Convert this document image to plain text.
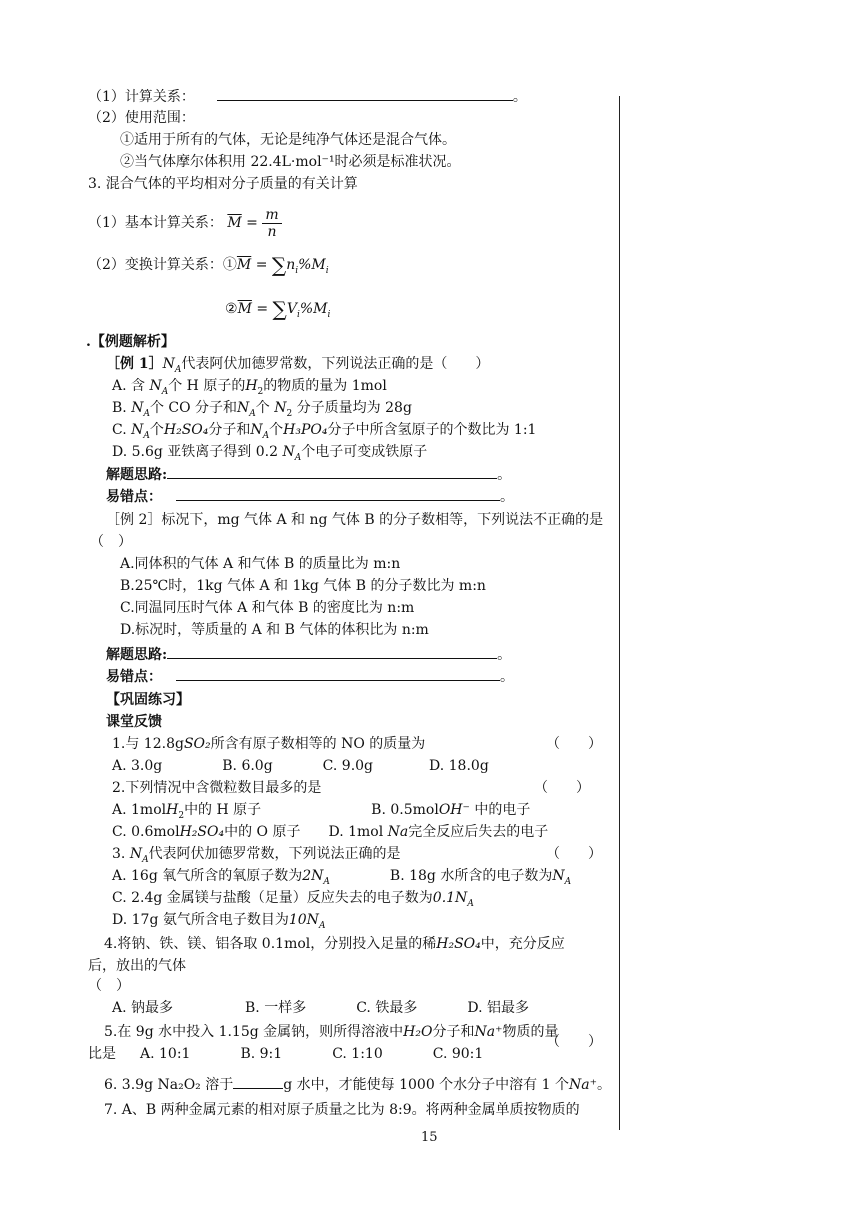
（1）计算关系：	。
（2）使用范围：
①适用于所有的气体，无论是纯净气体还是混合气体。
②当气体摩尔体积用 22.4L·mol⁻¹时必须是标准状况。
3. 混合气体的平均相对分子质量的有关计算
（1）基本计算关系： $\overline{M} = \frac{m}{n}$
（2）变换计算关系：$①\overline{M} = \sum n_i\%M_i$
$②\overline{M} = \sum V_i\%M_i$
.【例题解析】
［例 $1]N_A$代表阿伏加德罗常数，下列说法正确的是（　　）
A. 含 $N_A$个 H 原子的$H_2$的物质的量为 1mol
B. $N_A$个 CO 分子和$N_A$个 $N_2$ 分子质量均为 28g
C. $N_A$个H₂SO₄分子和$N_A$个H₃PO₄分子中所含氢原子的个数比为 1:1
D. 5.6g 亚铁离子得到 0.2 $N_A$个电子可变成铁原子
解题思路:	。
易错点：	。
［例 2］标况下，mg 气体 A 和 ng 气体 B 的分子数相等，下列说法不正确的是
（　）
A.同体积的气体 A 和气体 B 的质量比为 m:n
B.25℃时，1kg 气体 A 和 1kg 气体 B 的分子数比为 m:n
C.同温同压时气体 A 和气体 B 的密度比为 n:m
D.标况时，等质量的 A 和 B 气体的体积比为 n:m
解题思路:	。
易错点：	。
【巩固练习】
课堂反馈
1.与 12.8gSO₂所含有原子数相等的 NO 的质量为	（　　）
A. 3.0g	B. 6.0g	C. 9.0g	D. 18.0g
2.下列情况中含微粒数目最多的是	（　　）
A. 1molH$_2$中的 H 原子	B. 0.5molOH⁻ 中的电子
C. 0.6molH₂SO₄中的 O 原子 D. 1mol Na完全反应后失去的电子
3. $N_A$代表阿伏加德罗常数，下列说法正确的是	（　　）
A. 16g 氧气所含的氧原子数为$2N_A$	B. 18g 水所含的电子数为$N_A$
C. 2.4g 金属镁与盐酸（足量）反应失去的电子数为$0.1N_A$
D. 17g 氨气所含电子数目为$10N_A$
4.将钠、铁、镁、铝各取 0.1mol，分别投入足量的稀H₂SO₄中，充分反应
后，放出的气体
（　）
A. 钠最多	B. 一样多	C. 铁最多	D. 铝最多
5.在 9g 水中投入 1.15g 金属钠，则所得溶液中H₂O分子和Na⁺物质的量
比是 A. 10:1	B. 9:1	C. 1:10	C. 90:1
（　　）
6. 3.9g Na₂O₂ 溶于	g 水中，才能使每 1000 个水分子中溶有 1 个Na⁺。
7. A、B 两种金属元素的相对原子质量之比为 8:9。将两种金属单质按物质的
15
